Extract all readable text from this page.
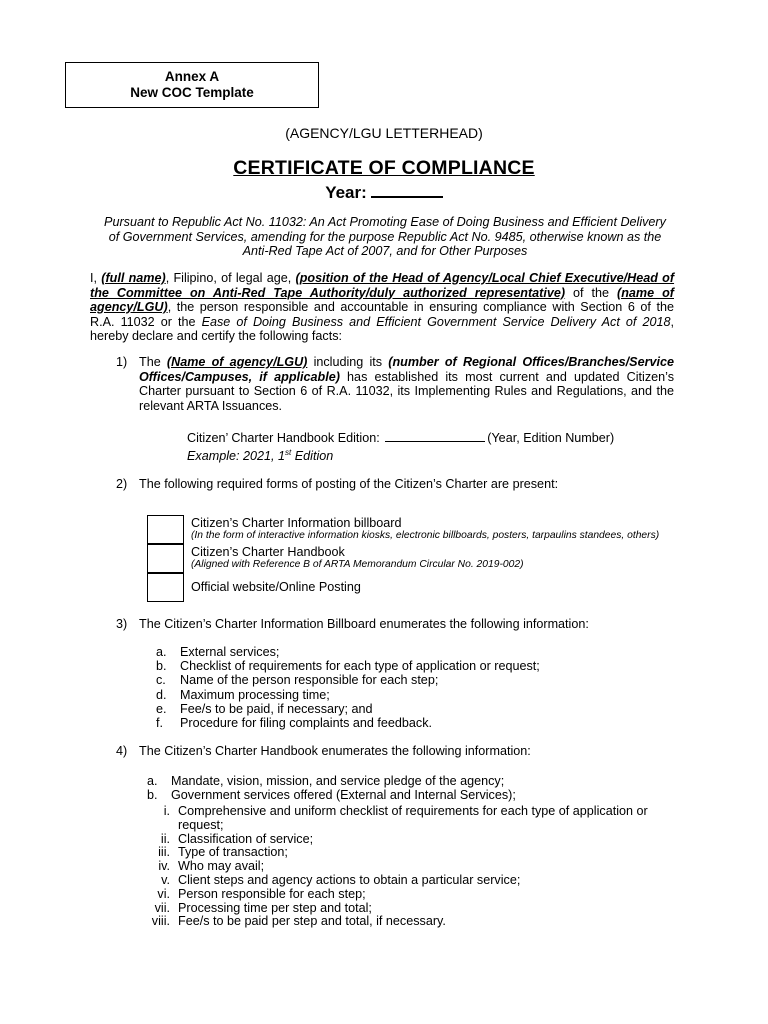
Annex A
New COC Template
(AGENCY/LGU LETTERHEAD)
CERTIFICATE OF COMPLIANCE
Year:
Pursuant to Republic Act No. 11032: An Act Promoting Ease of Doing Business and Efficient Delivery
of Government Services, amending for the purpose Republic Act No. 9485, otherwise known as the
Anti-Red Tape Act of 2007, and for Other Purposes
I, (full name), Filipino, of legal age, (position of the Head of Agency/Local Chief Executive/Head of the Committee on Anti-Red Tape Authority/duly authorized representative) of the (name of agency/LGU), the person responsible and accountable in ensuring compliance with Section 6 of the R.A. 11032 or the Ease of Doing Business and Efficient Government Service Delivery Act of 2018, hereby declare and certify the following facts:
1) The (Name of agency/LGU) including its (number of Regional Offices/Branches/Service Offices/Campuses, if applicable) has established its most current and updated Citizen’s Charter pursuant to Section 6 of R.A. 11032, its Implementing Rules and Regulations, and the relevant ARTA Issuances.
Citizen’ Charter Handbook Edition:	(Year, Edition Number)
Example: 2021, 1st Edition
2) The following required forms of posting of the Citizen’s Charter are present:
Citizen’s Charter Information billboard
(In the form of interactive information kiosks, electronic billboards, posters, tarpaulins standees, others)
Citizen’s Charter Handbook
(Aligned with Reference B of ARTA Memorandum Circular No. 2019-002)
Official website/Online Posting
3) The Citizen’s Charter Information Billboard enumerates the following information:
a. External services;
b. Checklist of requirements for each type of application or request;
c. Name of the person responsible for each step;
d. Maximum processing time;
e. Fee/s to be paid, if necessary; and
f. Procedure for filing complaints and feedback.
4) The Citizen’s Charter Handbook enumerates the following information:
a. Mandate, vision, mission, and service pledge of the agency;
b. Government services offered (External and Internal Services);
i. Comprehensive and uniform checklist of requirements for each type of application or
request;
ii. Classification of service;
iii. Type of transaction;
iv. Who may avail;
v. Client steps and agency actions to obtain a particular service;
vi. Person responsible for each step;
vii. Processing time per step and total;
viii. Fee/s to be paid per step and total, if necessary.
